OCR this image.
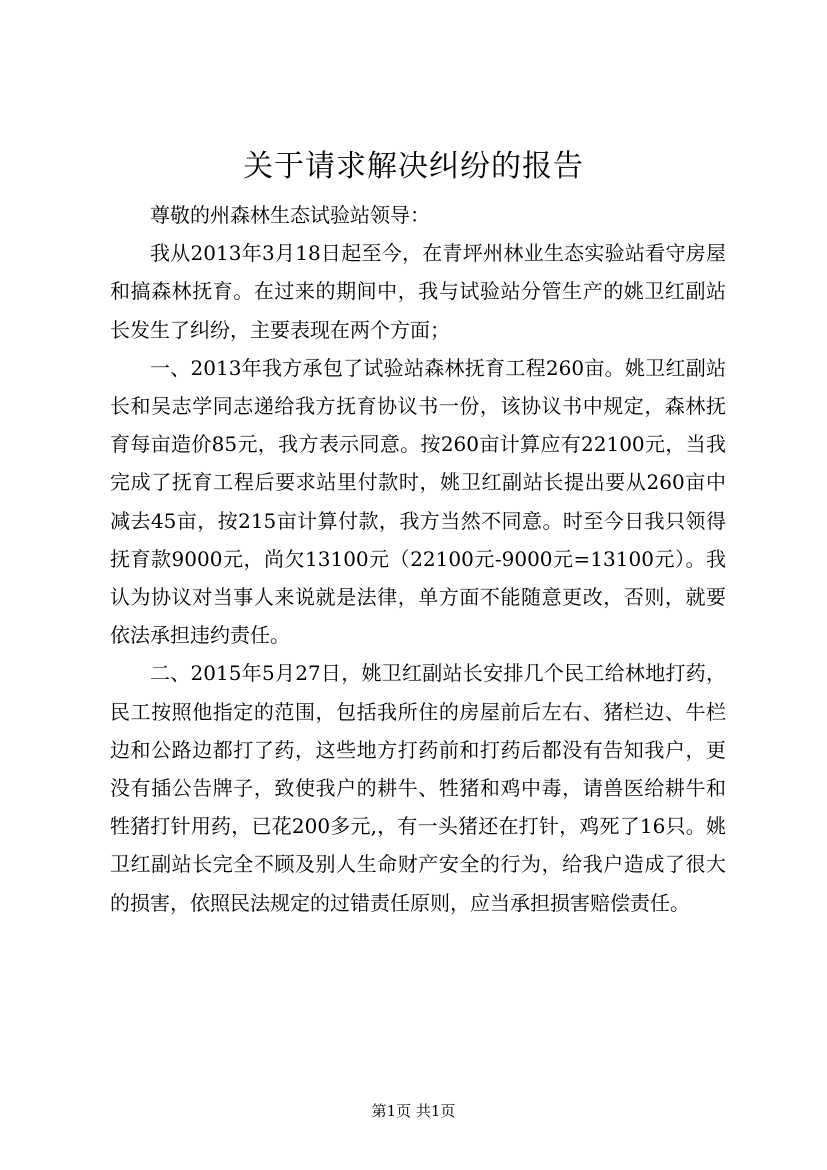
关于请求解决纠纷的报告

尊敬的州森林生态试验站领导：

我从2013年3月18日起至今，在青坪州林业生态实验站看守房屋和搞森林抚育。在过来的期间中，我与试验站分管生产的姚卫红副站长发生了纠纷，主要表现在两个方面；

一、2013年我方承包了试验站森林抚育工程260亩。姚卫红副站长和吴志学同志递给我方抚育协议书一份，该协议书中规定，森林抚育每亩造价85元，我方表示同意。按260亩计算应有22100元，当我完成了抚育工程后要求站里付款时，姚卫红副站长提出要从260亩中减去45亩，按215亩计算付款，我方当然不同意。时至今日我只领得抚育款9000元，尚欠13100元（22100元-9000元=13100元）。我认为协议对当事人来说就是法律，单方面不能随意更改，否则，就要依法承担违约责任。

二、2015年5月27日，姚卫红副站长安排几个民工给林地打药，民工按照他指定的范围，包括我所住的房屋前后左右、猪栏边、牛栏边和公路边都打了药，这些地方打药前和打药后都没有告知我户，更没有插公告牌子，致使我户的耕牛、牲猪和鸡中毒，请兽医给耕牛和牲猪打针用药，已花200多元,，有一头猪还在打针，鸡死了16只。姚卫红副站长完全不顾及别人生命财产安全的行为，给我户造成了很大的损害，依照民法规定的过错责任原则，应当承担损害赔偿责任。

第1页 共1页
